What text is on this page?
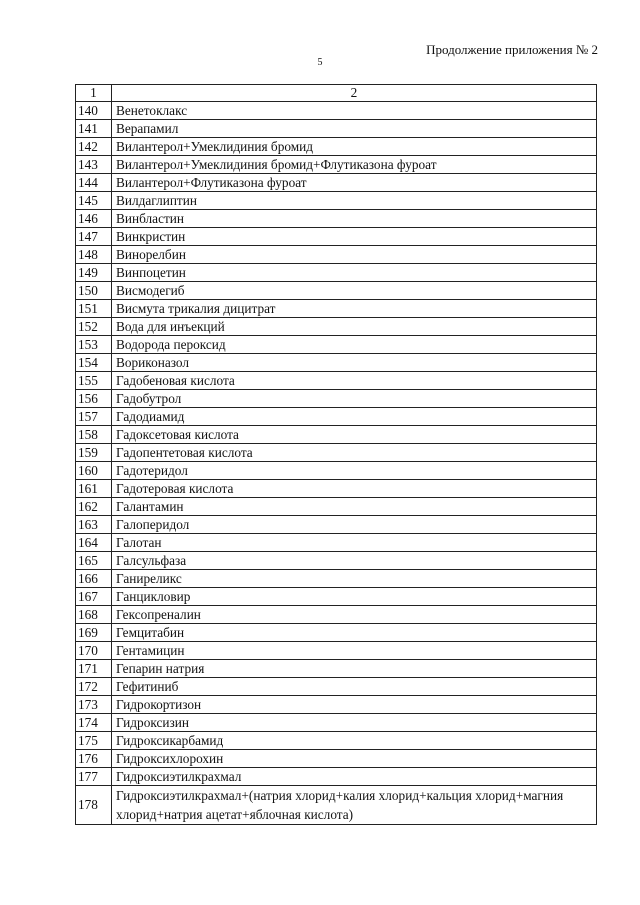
Продолжение приложения № 2
5
1	2
140	Венетоклакс
141	Верапамил
142	Вилантерол+Умеклидиния бромид
143	Вилантерол+Умеклидиния бромид+Флутиказона фуроат
144	Вилантерол+Флутиказона фуроат
145	Вилдаглиптин
146	Винбластин
147	Винкристин
148	Винорелбин
149	Винпоцетин
150	Висмодегиб
151	Висмута трикалия дицитрат
152	Вода для инъекций
153	Водорода пероксид
154	Вориконазол
155	Гадобеновая кислота
156	Гадобутрол
157	Гадодиамид
158	Гадоксетовая кислота
159	Гадопентетовая кислота
160	Гадотеридол
161	Гадотеровая кислота
162	Галантамин
163	Галоперидол
164	Галотан
165	Галсульфаза
166	Ганиреликс
167	Ганцикловир
168	Гексопреналин
169	Гемцитабин
170	Гентамицин
171	Гепарин натрия
172	Гефитиниб
173	Гидрокортизон
174	Гидроксизин
175	Гидроксикарбамид
176	Гидроксихлорохин
177	Гидроксиэтилкрахмал
178	Гидроксиэтилкрахмал+(натрия хлорид+калия хлорид+кальция хлорид+магния хлорид+натрия ацетат+яблочная кислота)
